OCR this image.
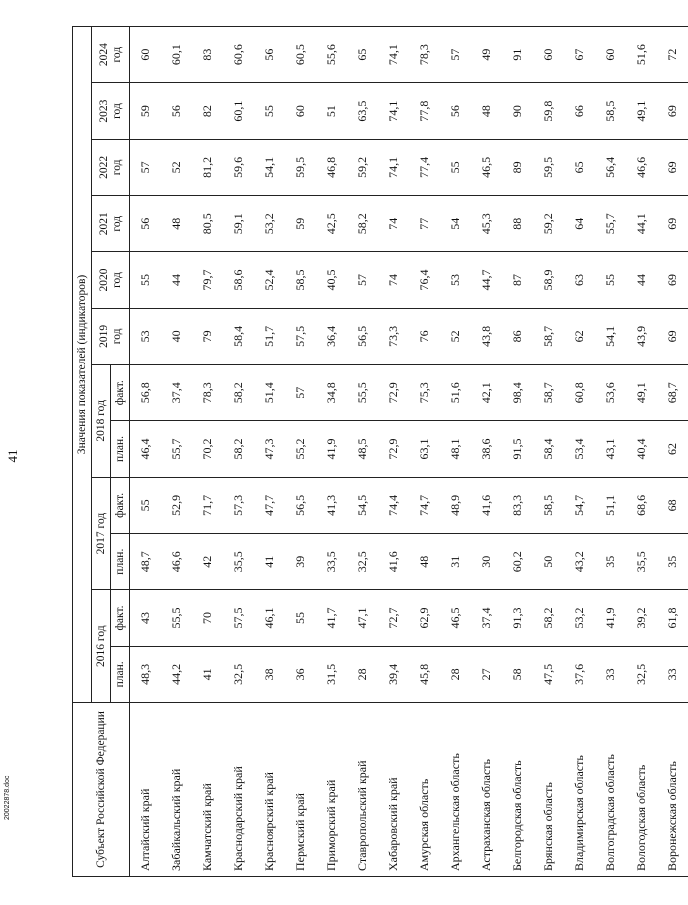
41
Субъект Российской Федерации	Значения показателей (индикаторов)											
	2016 год		2017 год		2018 год		2019
год	2020
год	2021
год	2022
год	2023
год	2024
год
	план.	факт.	план.	факт.	план.	факт.						
Алтайский край	48,3	43	48,7	55	46,4	56,8	53	55	56	57	59	60
Забайкальский край	44,2	55,5	46,6	52,9	55,7	37,4	40	44	48	52	56	60,1
Камчатский край	41	70	42	71,7	70,2	78,3	79	79,7	80,5	81,2	82	83
Краснодарский край	32,5	57,5	35,5	57,3	58,2	58,2	58,4	58,6	59,1	59,6	60,1	60,6
Красноярский край	38	46,1	41	47,7	47,3	51,4	51,7	52,4	53,2	54,1	55	56
Пермский край	36	55	39	56,5	55,2	57	57,5	58,5	59	59,5	60	60,5
Приморский край	31,5	41,7	33,5	41,3	41,9	34,8	36,4	40,5	42,5	46,8	51	55,6
Ставропольский край	28	47,1	32,5	54,5	48,5	55,5	56,5	57	58,2	59,2	63,5	65
Хабаровский край	39,4	72,7	41,6	74,4	72,9	72,9	73,3	74	74	74,1	74,1	74,1
Амурская область	45,8	62,9	48	74,7	63,1	75,3	76	76,4	77	77,4	77,8	78,3
Архангельская область	28	46,5	31	48,9	48,1	51,6	52	53	54	55	56	57
Астраханская область	27	37,4	30	41,6	38,6	42,1	43,8	44,7	45,3	46,5	48	49
Белгородская область	58	91,3	60,2	83,3	91,5	98,4	86	87	88	89	90	91
Брянская область	47,5	58,2	50	58,5	58,4	58,7	58,7	58,9	59,2	59,5	59,8	60
Владимирская область	37,6	53,2	43,2	54,7	53,4	60,8	62	63	64	65	66	67
Волгоградская область	33	41,9	35	51,1	43,1	53,6	54,1	55	55,7	56,4	58,5	60
Вологодская область	32,5	39,2	35,5	68,6	40,4	49,1	43,9	44	44,1	46,6	49,1	51,6
Воронежская область	33	61,8	35	68	62	68,7	69	69	69	69	69	72
20022878.doc
